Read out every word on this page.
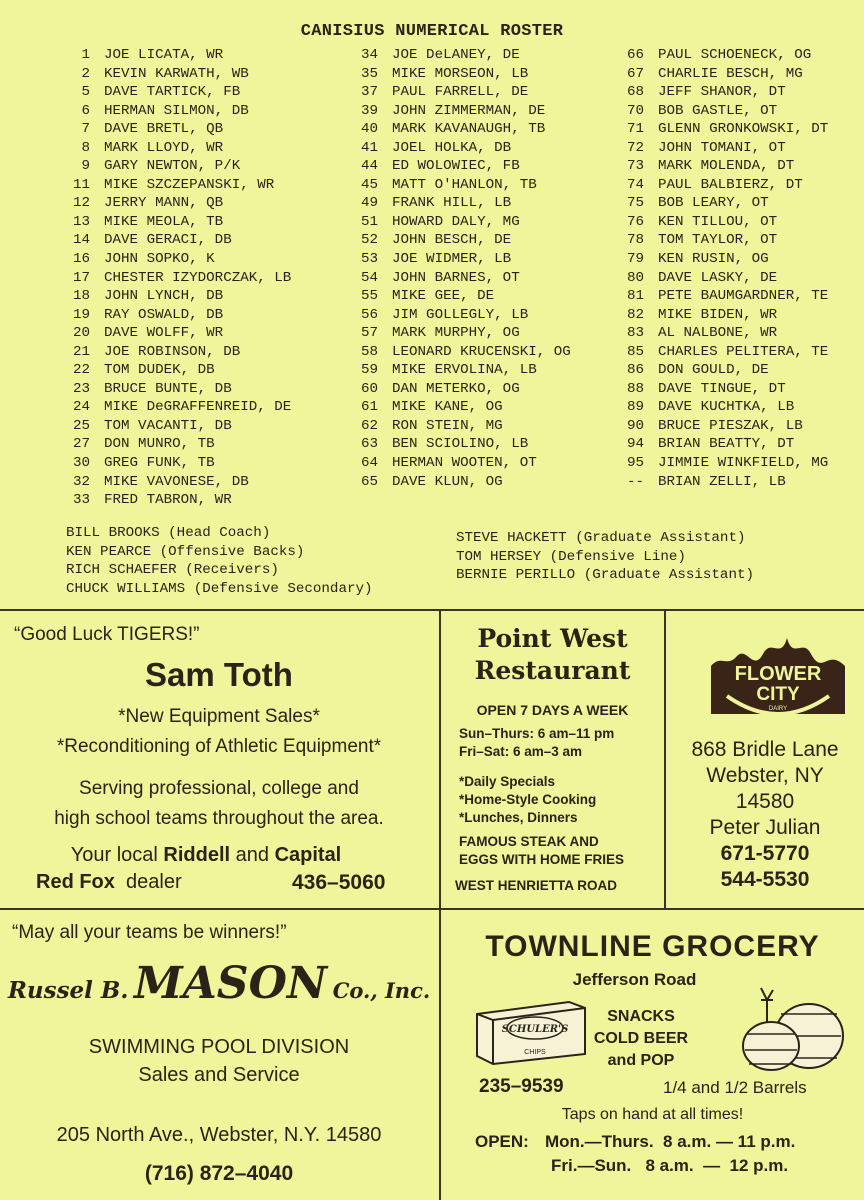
CANISIUS NUMERICAL ROSTER
1 JOE LICATA, WR
2 KEVIN KARWATH, WB
5 DAVE TARTICK, FB
6 HERMAN SILMON, DB
7 DAVE BRETL, QB
8 MARK LLOYD, WR
9 GARY NEWTON, P/K
11 MIKE SZCZEPANSKI, WR
12 JERRY MANN, QB
13 MIKE MEOLA, TB
14 DAVE GERACI, DB
16 JOHN SOPKO, K
17 CHESTER IZYDORCZAK, LB
18 JOHN LYNCH, DB
19 RAY OSWALD, DB
20 DAVE WOLFF, WR
21 JOE ROBINSON, DB
22 TOM DUDEK, DB
23 BRUCE BUNTE, DB
24 MIKE DeGRAFFENREID, DE
25 TOM VACANTI, DB
27 DON MUNRO, TB
30 GREG FUNK, TB
32 MIKE VAVONESE, DB
33 FRED TABRON, WR
34 JOE DeLANEY, DE
35 MIKE MORSEON, LB
37 PAUL FARRELL, DE
39 JOHN ZIMMERMAN, DE
40 MARK KAVANAUGH, TB
41 JOEL HOLKA, DB
44 ED WOLOWIEC, FB
45 MATT O'HANLON, TB
49 FRANK HILL, LB
51 HOWARD DALY, MG
52 JOHN BESCH, DE
53 JOE WIDMER, LB
54 JOHN BARNES, OT
55 MIKE GEE, DE
56 JIM GOLLEGLY, LB
57 MARK MURPHY, OG
58 LEONARD KRUCENSKI, OG
59 MIKE ERVOLINA, LB
60 DAN METERKO, OG
61 MIKE KANE, OG
62 RON STEIN, MG
63 BEN SCIOLINO, LB
64 HERMAN WOOTEN, OT
65 DAVE KLUN, OG
66 PAUL SCHOENECK, OG
67 CHARLIE BESCH, MG
68 JEFF SHANOR, DT
70 BOB GASTLE, OT
71 GLENN GRONKOWSKI, DT
72 JOHN TOMANI, OT
73 MARK MOLENDA, DT
74 PAUL BALBIERZ, DT
75 BOB LEARY, OT
76 KEN TILLOU, OT
78 TOM TAYLOR, OT
79 KEN RUSIN, OG
80 DAVE LASKY, DE
81 PETE BAUMGARDNER, TE
82 MIKE BIDEN, WR
83 AL NALBONE, WR
85 CHARLES PELITERA, TE
86 DON GOULD, DE
88 DAVE TINGUE, DT
89 DAVE KUCHTKA, LB
90 BRUCE PIESZAK, LB
94 BRIAN BEATTY, DT
95 JIMMIE WINKFIELD, MG
-- BRIAN ZELLI, LB
BILL BROOKS (Head Coach)
KEN PEARCE (Offensive Backs)
RICH SCHAEFER (Receivers)
CHUCK WILLIAMS (Defensive Secondary)
STEVE HACKETT (Graduate Assistant)
TOM HERSEY (Defensive Line)
BERNIE PERILLO (Graduate Assistant)
“Good Luck TIGERS!”
Sam Toth
*New Equipment Sales*
*Reconditioning of Athletic Equipment*
Serving professional, college and
high school teams throughout the area.
Your local Riddell and Capital
Red Fox  dealer	436–5060
Point West
Restaurant
OPEN 7 DAYS A WEEK
Sun–Thurs: 6 am–11 pm
Fri–Sat: 6 am–3 am
*Daily Specials
*Home-Style Cooking
*Lunches, Dinners
FAMOUS STEAK AND
EGGS WITH HOME FRIES
WEST HENRIETTA ROAD
FLOWER
CITY
DAIRY
868 Bridle Lane
Webster, NY
14580
Peter Julian
671-5770
544-5530
“May all your teams be winners!”
Russel B. MASON Co., Inc.
SWIMMING POOL DIVISION
Sales and Service
205 North Ave., Webster, N.Y. 14580
(716) 872–4040
TOWNLINE GROCERY
Jefferson Road
SCHULER'S
CHIPS
SNACKS
COLD BEER
and POP
235–9539	1/4 and 1/2 Barrels
Taps on hand at all times!
OPEN: Mon.—Thurs.  8 a.m. — 11 p.m.
Fri.—Sun.   8 a.m.  —  12 p.m.
